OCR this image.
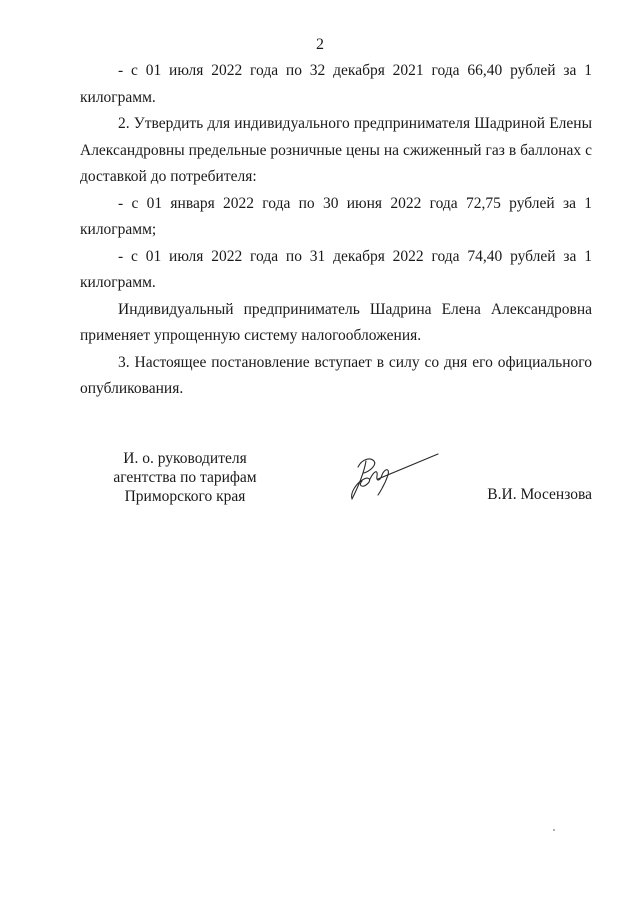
2

- с 01 июля 2022 года по 32 декабря 2021 года 66,40 рублей за 1 килограмм.

2. Утвердить для индивидуального предпринимателя Шадриной Елены Александровны предельные розничные цены на сжиженный газ в баллонах с доставкой до потребителя:

- с 01 января 2022 года по 30 июня 2022 года 72,75 рублей за 1 килограмм;

- с 01 июля 2022 года по 31 декабря 2022 года 74,40 рублей за 1 килограмм.

Индивидуальный предприниматель Шадрина Елена Александровна применяет упрощенную систему налогообложения.

3. Настоящее постановление вступает в силу со дня его официального опубликования.

И. о. руководителя
агентства по тарифам
Приморского края	В.И. Мосензова
